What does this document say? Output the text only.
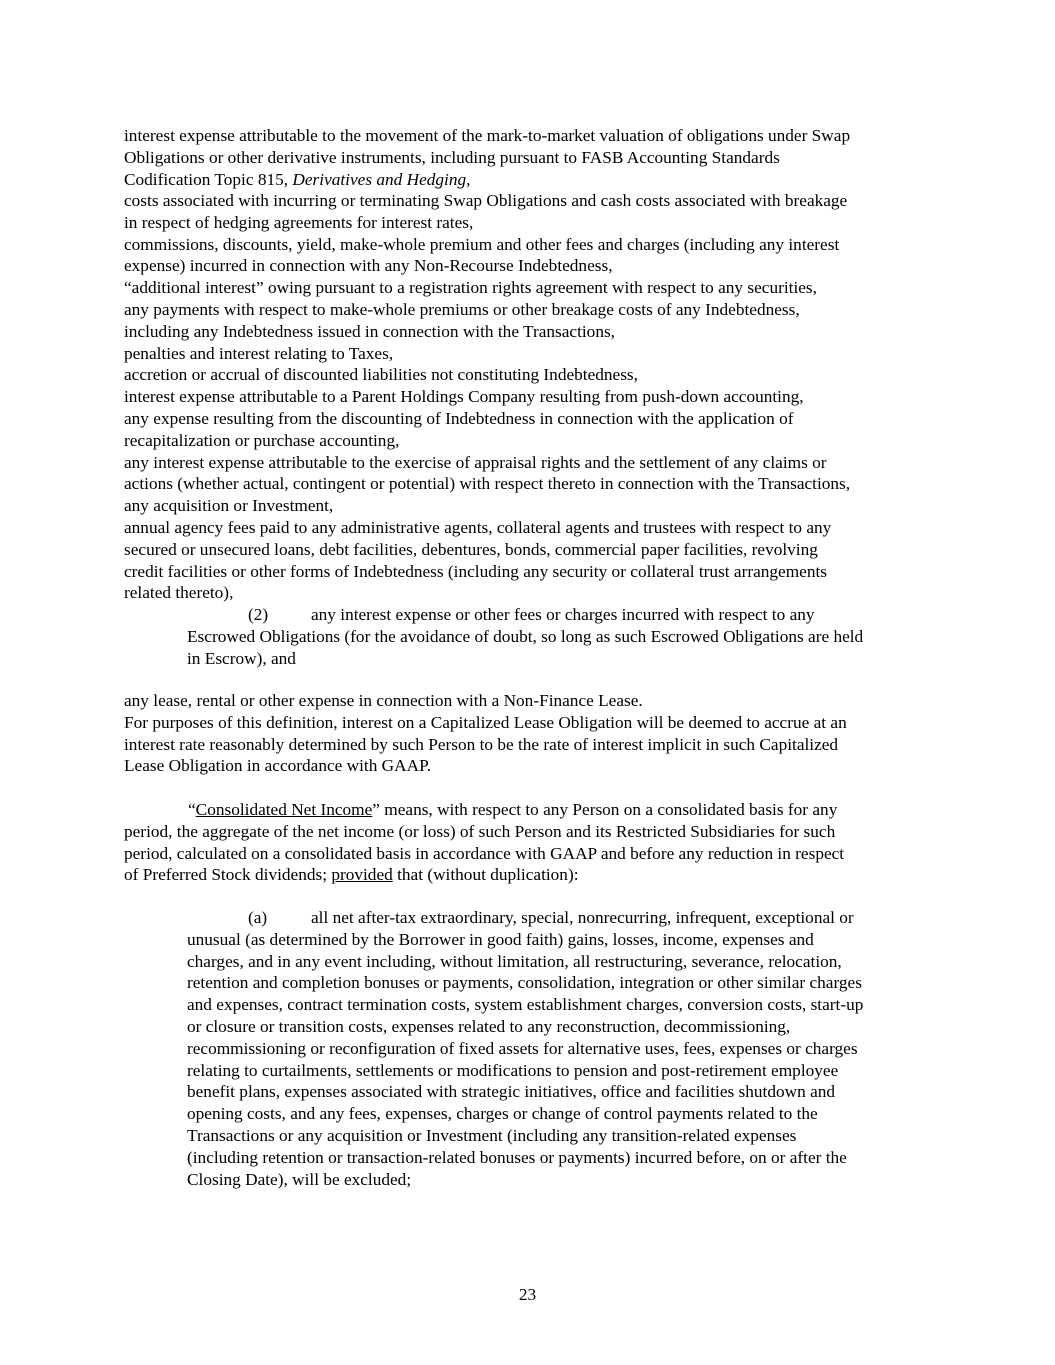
interest expense attributable to the movement of the mark-to-market valuation of obligations under Swap
Obligations or other derivative instruments, including pursuant to FASB Accounting Standards
Codification Topic 815, Derivatives and Hedging,
costs associated with incurring or terminating Swap Obligations and cash costs associated with breakage
in respect of hedging agreements for interest rates,
commissions, discounts, yield, make-whole premium and other fees and charges (including any interest
expense) incurred in connection with any Non-Recourse Indebtedness,
“additional interest” owing pursuant to a registration rights agreement with respect to any securities,
any payments with respect to make-whole premiums or other breakage costs of any Indebtedness,
including any Indebtedness issued in connection with the Transactions,
penalties and interest relating to Taxes,
accretion or accrual of discounted liabilities not constituting Indebtedness,
interest expense attributable to a Parent Holdings Company resulting from push-down accounting,
any expense resulting from the discounting of Indebtedness in connection with the application of
recapitalization or purchase accounting,
any interest expense attributable to the exercise of appraisal rights and the settlement of any claims or
actions (whether actual, contingent or potential) with respect thereto in connection with the Transactions,
any acquisition or Investment,
annual agency fees paid to any administrative agents, collateral agents and trustees with respect to any
secured or unsecured loans, debt facilities, debentures, bonds, commercial paper facilities, revolving
credit facilities or other forms of Indebtedness (including any security or collateral trust arrangements
related thereto),
(2) any interest expense or other fees or charges incurred with respect to any

Escrowed Obligations (for the avoidance of doubt, so long as such Escrowed Obligations are held
in Escrow), and
any lease, rental or other expense in connection with a Non-Finance Lease.
For purposes of this definition, interest on a Capitalized Lease Obligation will be deemed to accrue at an
interest rate reasonably determined by such Person to be the rate of interest implicit in such Capitalized
Lease Obligation in accordance with GAAP.
“Consolidated Net Income” means, with respect to any Person on a consolidated basis for any
period, the aggregate of the net income (or loss) of such Person and its Restricted Subsidiaries for such
period, calculated on a consolidated basis in accordance with GAAP and before any reduction in respect
of Preferred Stock dividends; provided that (without duplication):
(a)	all net after-tax extraordinary, special, nonrecurring, infrequent, exceptional or

unusual (as determined by the Borrower in good faith) gains, losses, income, expenses and
charges, and in any event including, without limitation, all restructuring, severance, relocation,
retention and completion bonuses or payments, consolidation, integration or other similar charges
and expenses, contract termination costs, system establishment charges, conversion costs, start-up
or closure or transition costs, expenses related to any reconstruction, decommissioning,
recommissioning or reconfiguration of fixed assets for alternative uses, fees, expenses or charges
relating to curtailments, settlements or modifications to pension and post-retirement employee
benefit plans, expenses associated with strategic initiatives, office and facilities shutdown and
opening costs, and any fees, expenses, charges or change of control payments related to the
Transactions or any acquisition or Investment (including any transition-related expenses
(including retention or transaction-related bonuses or payments) incurred before, on or after the
Closing Date), will be excluded;
23
